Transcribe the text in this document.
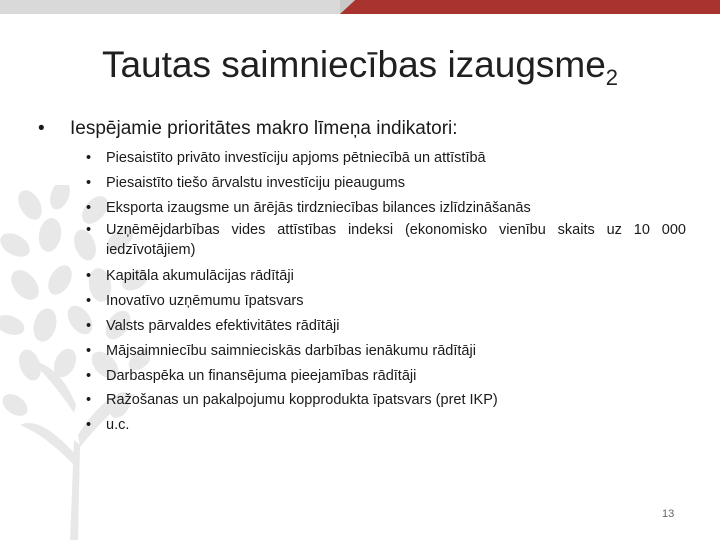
Tautas saimniecības izaugsme$_2$
• Iespējamie prioritātes makro līmeņa indikatori:
• Piesaistīto privāto investīciju apjoms pētniecībā un attīstībā
• Piesaistīto tiešo ārvalstu investīciju pieaugums
• Eksporta izaugsme un ārējās tirdzniecības bilances izlīdzināšanās
• Uzņēmējdarbības vides attīstības indeksi (ekonomisko vienību skaits uz 10 000 iedzīvotājiem)
• Kapitāla akumulācijas rādītāji
• Inovatīvo uzņēmumu īpatsvars
• Valsts pārvaldes efektivitātes rādītāji
• Mājsaimniecību saimnieciskās darbības ienākumu rādītāji
• Darbaspēka un finansējuma pieejamības rādītāji
• Ražošanas un pakalpojumu kopprodukta īpatsvars (pret IKP)
• u.c.
13
